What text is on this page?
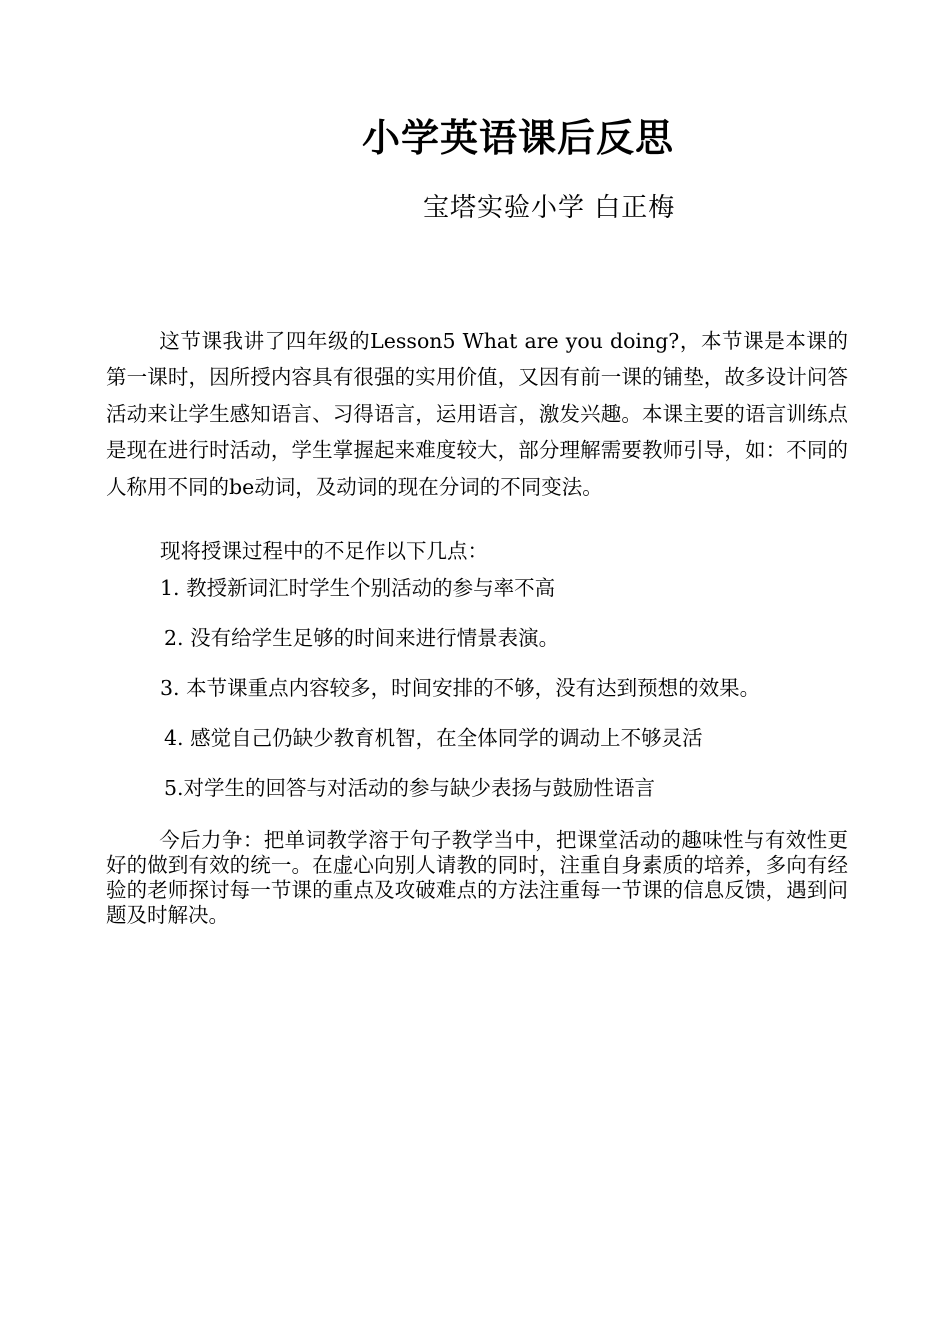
小学英语课后反思
宝塔实验小学 白正梅

这节课我讲了四年级的Lesson5 What are you doing?，本节课是本课的第一课时，因所授内容具有很强的实用价值，又因有前一课的铺垫，故多设计问答活动来让学生感知语言、习得语言，运用语言，激发兴趣。本课主要的语言训练点是现在进行时活动，学生掌握起来难度较大，部分理解需要教师引导，如：不同的人称用不同的be动词，及动词的现在分词的不同变法。

现将授课过程中的不足作以下几点：
1. 教授新词汇时学生个别活动的参与率不高
2. 没有给学生足够的时间来进行情景表演。
3. 本节课重点内容较多，时间安排的不够，没有达到预想的效果。
4. 感觉自己仍缺少教育机智，在全体同学的调动上不够灵活
5.对学生的回答与对活动的参与缺少表扬与鼓励性语言

今后力争：把单词教学溶于句子教学当中，把课堂活动的趣味性与有效性更好的做到有效的统一。在虚心向别人请教的同时，注重自身素质的培养，多向有经验的老师探讨每一节课的重点及攻破难点的方法注重每一节课的信息反馈，遇到问题及时解决。
